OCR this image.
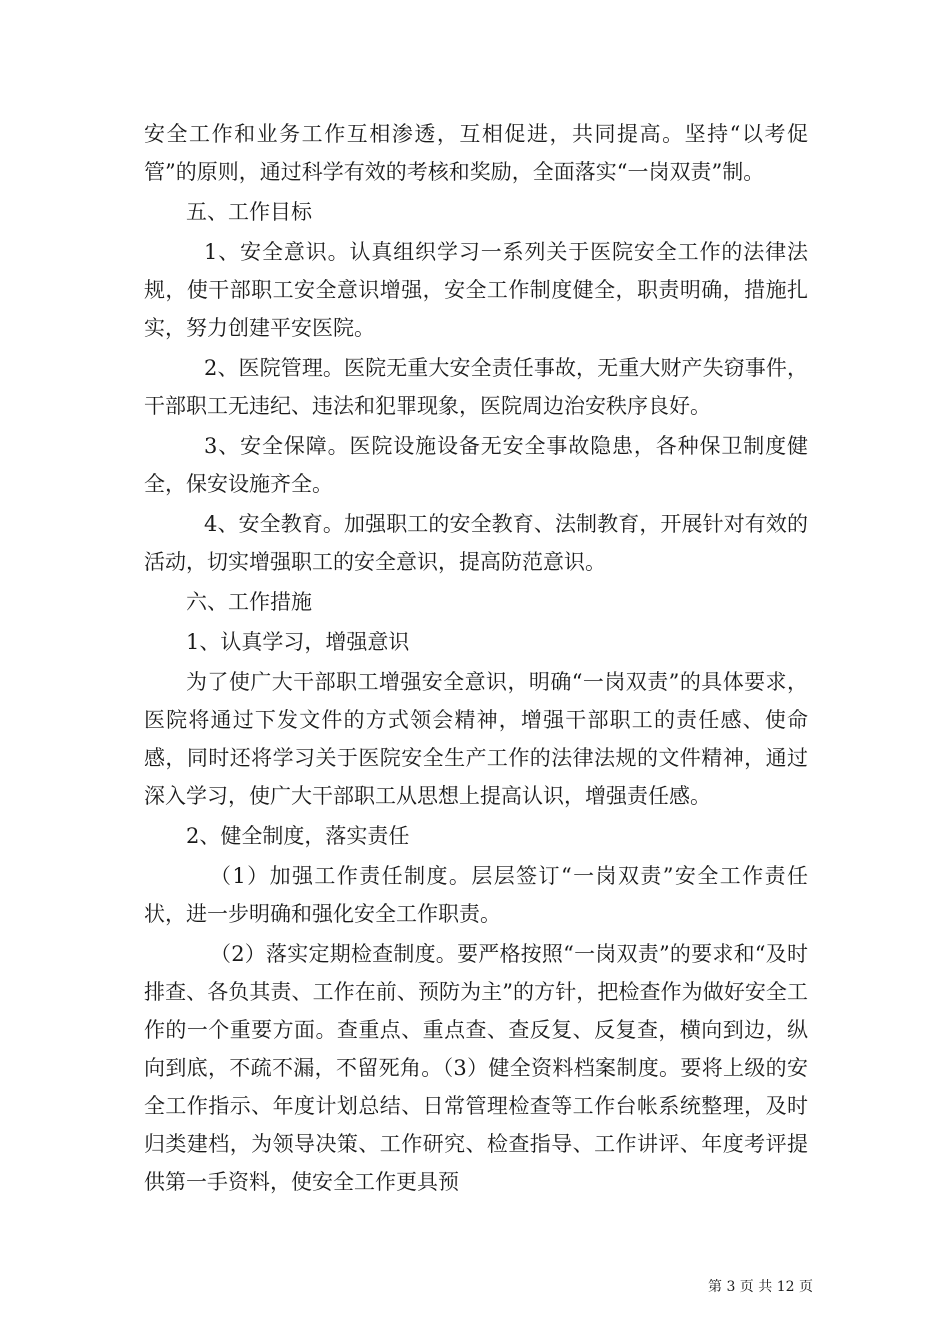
安全工作和业务工作互相渗透，互相促进，共同提高。坚持“以考促管”的原则，通过科学有效的考核和奖励，全面落实“一岗双责”制。

五、工作目标

1、安全意识。认真组织学习一系列关于医院安全工作的法律法规，使干部职工安全意识增强，安全工作制度健全，职责明确，措施扎实，努力创建平安医院。

2、医院管理。医院无重大安全责任事故，无重大财产失窃事件，干部职工无违纪、违法和犯罪现象，医院周边治安秩序良好。

3、安全保障。医院设施设备无安全事故隐患，各种保卫制度健全，保安设施齐全。

4、安全教育。加强职工的安全教育、法制教育，开展针对有效的活动，切实增强职工的安全意识，提高防范意识。

六、工作措施

1、认真学习，增强意识

为了使广大干部职工增强安全意识，明确“一岗双责”的具体要求，医院将通过下发文件的方式领会精神，增强干部职工的责任感、使命感，同时还将学习关于医院安全生产工作的法律法规的文件精神，通过深入学习，使广大干部职工从思想上提高认识，增强责任感。

2、健全制度，落实责任

（1）加强工作责任制度。层层签订“一岗双责”安全工作责任状，进一步明确和强化安全工作职责。

（2）落实定期检查制度。要严格按照“一岗双责”的要求和“及时排查、各负其责、工作在前、预防为主”的方针，把检查作为做好安全工作的一个重要方面。查重点、重点查、查反复、反复查，横向到边，纵向到底，不疏不漏，不留死角。（3）健全资料档案制度。要将上级的安全工作指示、年度计划总结、日常管理检查等工作台帐系统整理，及时归类建档，为领导决策、工作研究、检查指导、工作讲评、年度考评提供第一手资料，使安全工作更具预

第 3 页 共 12 页
